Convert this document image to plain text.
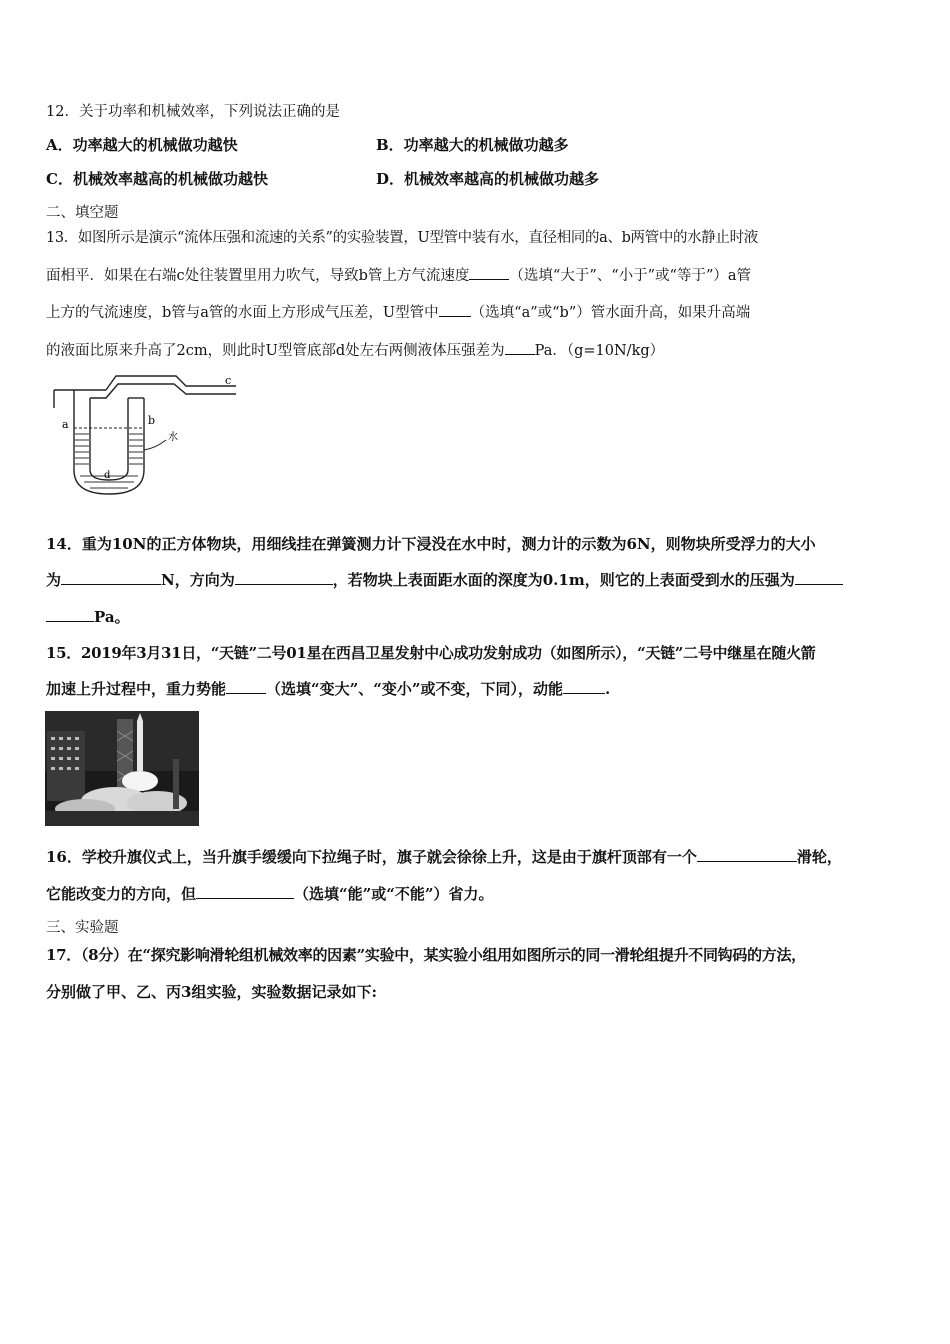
12．关于功率和机械效率，下列说法正确的是
A．功率越大的机械做功越快	B．功率越大的机械做功越多
C．机械效率越高的机械做功越快	D．机械效率越高的机械做功越多
二、填空题
13．如图所示是演示“流体压强和流速的关系”的实验装置，U型管中装有水，直径相同的a、b两管中的水静止时液
面相平．如果在右端c处往装置里用力吹气，导致b管上方气流速度	（选填“大于”、“小于”或“等于”）a管
上方的气流速度，b管与a管的水面上方形成气压差，U型管中 （选填“a”或“b”）管水面升高，如果升高端
的液面比原来升高了2cm，则此时U型管底部d处左右两侧液体压强差为 Pa．（g=10N/kg）
a	b
c
d
水
14．重为10N的正方体物块，用细线挂在弹簧测力计下浸没在水中时，测力计的示数为6N，则物块所受浮力的大小
为	N，方向为	，若物块上表面距水面的深度为0.1m，则它的上表面受到水的压强为
Pa。
15．2019年3月31日，“天链”二号01星在西昌卫星发射中心成功发射成功（如图所示），“天链”二号中继星在随火箭
加速上升过程中，重力势能	（选填“变大”、“变小”或不变，下同），动能	.
16．学校升旗仪式上，当升旗手缓缓向下拉绳子时，旗子就会徐徐上升，这是由于旗杆顶部有一个	滑轮，
它能改变力的方向，但	（选填“能”或“不能”）省力。
三、实验题
17．（8分）在“探究影响滑轮组机械效率的因素”实验中，某实验小组用如图所示的同一滑轮组提升不同钩码的方法，
分别做了甲、乙、丙3组实验，实验数据记录如下:
